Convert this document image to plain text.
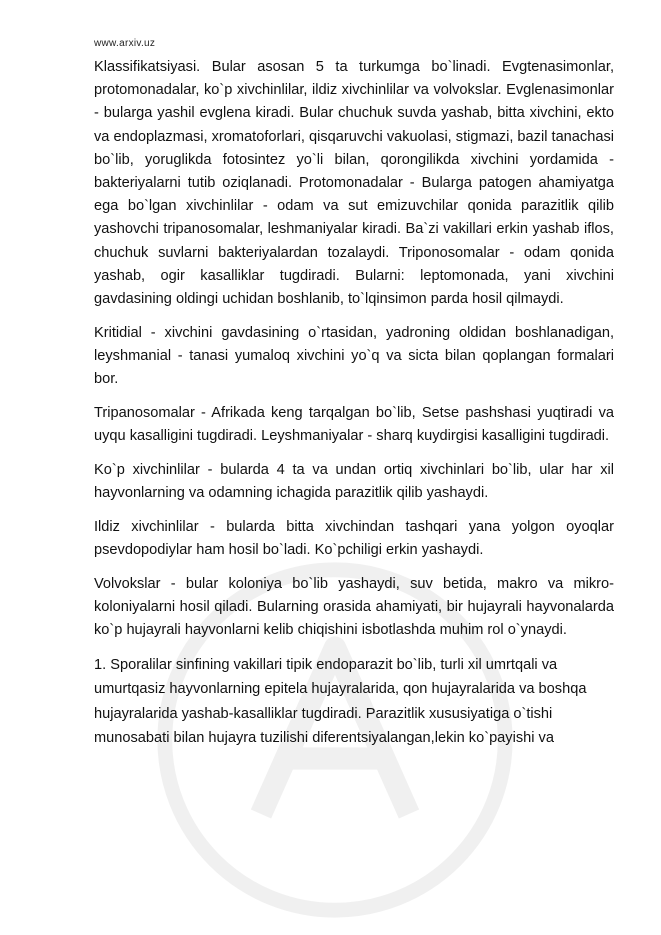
www.arxiv.uz

Klassifikatsiyasi. Bular asosan 5 ta turkumga bo`linadi. Evgtenasimonlar, protomonadalar, ko`p xivchinlilar, ildiz xivchinlilar va volvokslar. Evglenasimonlar - bularga yashil evglena kiradi. Bular chuchuk suvda yashab, bitta xivchini, ekto va endoplazmasi, xromatoforlari, qisqaruvchi vakuolasi, stigmazi, bazil tanachasi bo`lib, yoruglikda fotosintez yo`li bilan, qorongilikda xivchini yordamida - bakteriyalarni tutib oziqlanadi. Protomonadalar - Bularga patogen ahamiyatga ega bo`lgan xivchinlilar - odam va sut emizuvchilar qonida parazitlik qilib yashovchi tripanosomalar, leshmaniyalar kiradi. Ba`zi vakillari erkin yashab iflos, chuchuk suvlarni bakteriyalardan tozalaydi. Triponosomalar - odam qonida yashab, ogir kasalliklar tugdiradi. Bularni: leptomonada, yani xivchini gavdasining oldingi uchidan boshlanib, to`lqinsimon parda hosil qilmaydi.

Kritidial - xivchini gavdasining o`rtasidan, yadroning oldidan boshlanadigan, leyshmanial - tanasi yumaloq xivchini yo`q va sicta bilan qoplangan formalari bor.

Tripanosomalar - Afrikada keng tarqalgan bo`lib, Setse pashshasi yuqtiradi va uyqu kasalligini tugdiradi. Leyshmaniyalar - sharq kuydirgisi kasalligini tugdiradi.

Ko`p xivchinlilar - bularda 4 ta va undan ortiq xivchinlari bo`lib, ular har xil hayvonlarning va odamning ichagida parazitlik qilib yashaydi.

Ildiz xivchinlilar - bularda bitta xivchindan tashqari yana yolgon oyoqlar psevdopodiylar ham hosil bo`ladi. Ko`pchiligi erkin yashaydi.

Volvokslar - bular koloniya bo`lib yashaydi, suv betida, makro va mikro-koloniyalarni hosil qiladi. Bularning orasida ahamiyati, bir hujayrali hayvonalarda ko`p hujayrali hayvonlarni kelib chiqishini isbotlashda muhim rol o`ynaydi.

1. Sporalilar sinfining vakillari tipik endoparazit bo`lib, turli xil umrtqali va
umurtqasiz hayvonlarning epitela hujayralarida, qon hujayralarida va boshqa
hujayralarida yashab-kasalliklar tugdiradi. Parazitlik xususiyatiga o`tishi
munosabati bilan hujayra tuzilishi diferentsiyalangan,lekin ko`payishi va
